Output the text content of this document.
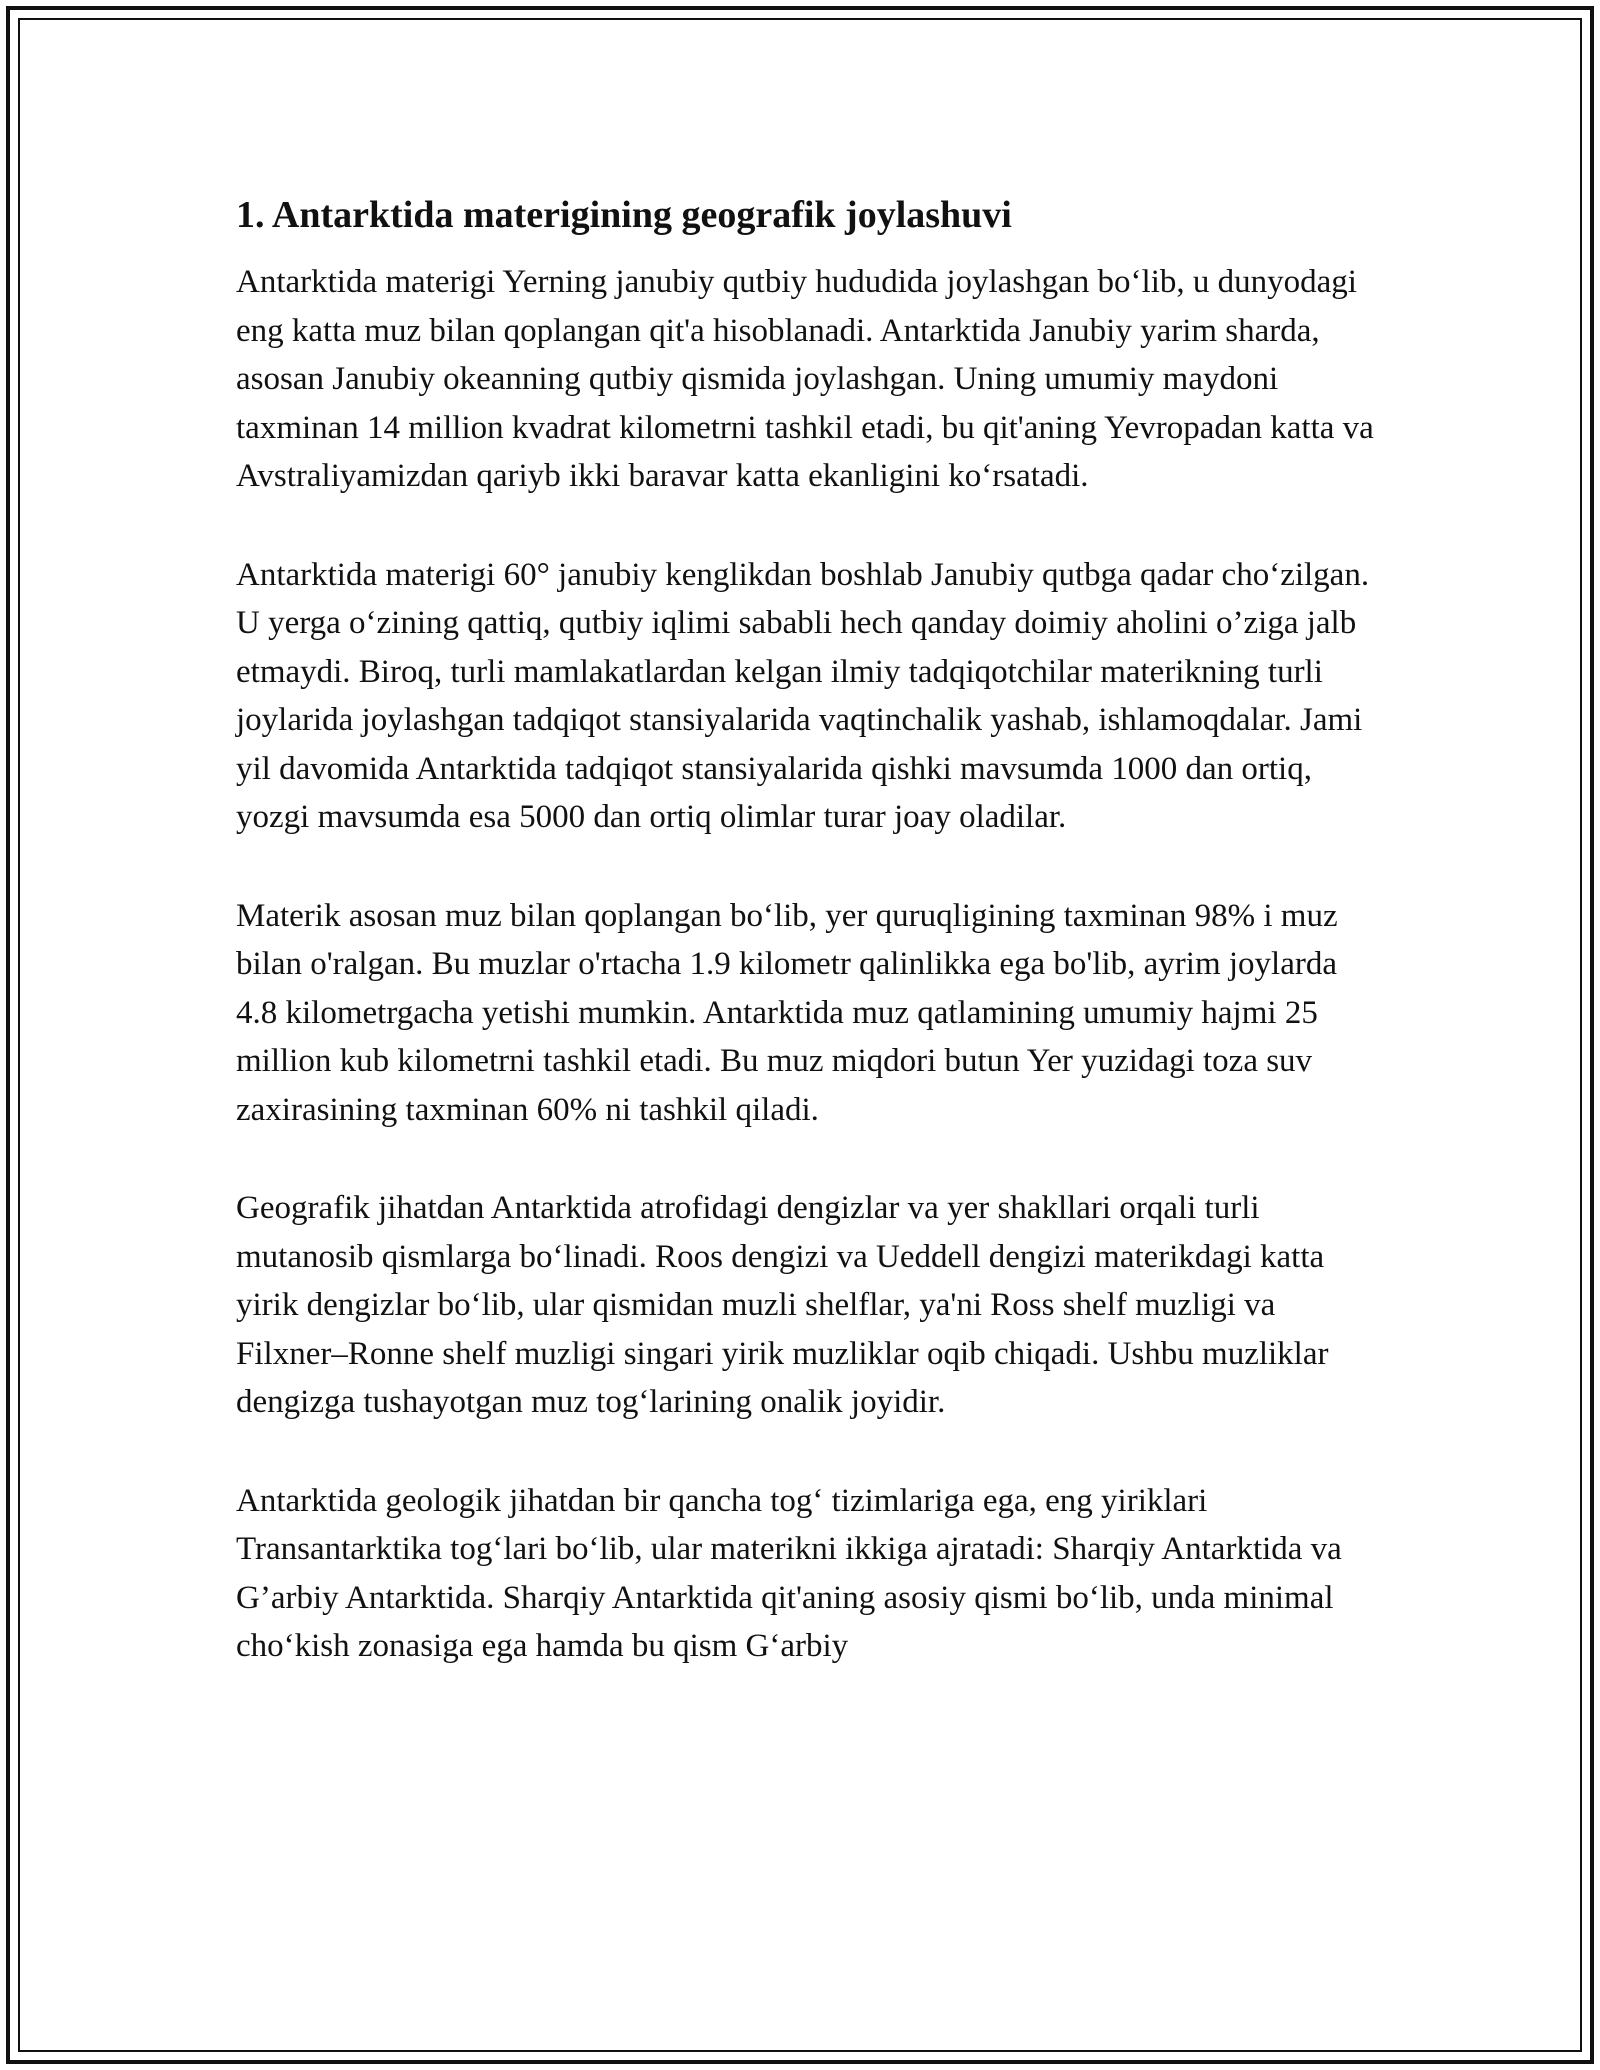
1. Antarktida materigining geografik joylashuvi

Antarktida materigi Yerning janubiy qutbiy hududida joylashgan bo‘lib, u dunyodagi eng katta muz bilan qoplangan qit'a hisoblanadi. Antarktida Janubiy yarim sharda, asosan Janubiy okeanning qutbiy qismida joylashgan. Uning umumiy maydoni taxminan 14 million kvadrat kilometrni tashkil etadi, bu qit'aning Yevropadan katta va Avstraliyamizdan qariyb ikki baravar katta ekanligini ko‘rsatadi.

Antarktida materigi 60° janubiy kenglikdan boshlab Janubiy qutbga qadar cho‘zilgan. U yerga o‘zining qattiq, qutbiy iqlimi sababli hech qanday doimiy aholini o’ziga jalb etmaydi. Biroq, turli mamlakatlardan kelgan ilmiy tadqiqotchilar materikning turli joylarida joylashgan tadqiqot stansiyalarida vaqtinchalik yashab, ishlamoqdalar. Jami yil davomida Antarktida tadqiqot stansiyalarida qishki mavsumda 1000 dan ortiq, yozgi mavsumda esa 5000 dan ortiq olimlar turar joay oladilar.

Materik asosan muz bilan qoplangan bo‘lib, yer quruqligining taxminan 98% i muz bilan o'ralgan. Bu muzlar o'rtacha 1.9 kilometr qalinlikka ega bo'lib, ayrim joylarda 4.8 kilometrgacha yetishi mumkin. Antarktida muz qatlamining umumiy hajmi 25 million kub kilometrni tashkil etadi. Bu muz miqdori butun Yer yuzidagi toza suv zaxirasining taxminan 60% ni tashkil qiladi.

Geografik jihatdan Antarktida atrofidagi dengizlar va yer shakllari orqali turli mutanosib qismlarga bo‘linadi. Roos dengizi va Ueddell dengizi materikdagi katta yirik dengizlar bo‘lib, ular qismidan muzli shelflar, ya'ni Ross shelf muzligi va Filxner–Ronne shelf muzligi singari yirik muzliklar oqib chiqadi. Ushbu muzliklar dengizga tushayotgan muz tog‘larining onalik joyidir.

Antarktida geologik jihatdan bir qancha tog‘ tizimlariga ega, eng yiriklari Transantarktika tog‘lari bo‘lib, ular materikni ikkiga ajratadi: Sharqiy Antarktida va G’arbiy Antarktida. Sharqiy Antarktida qit'aning asosiy qismi bo‘lib, unda minimal cho‘kish zonasiga ega hamda bu qism G‘arbiy
